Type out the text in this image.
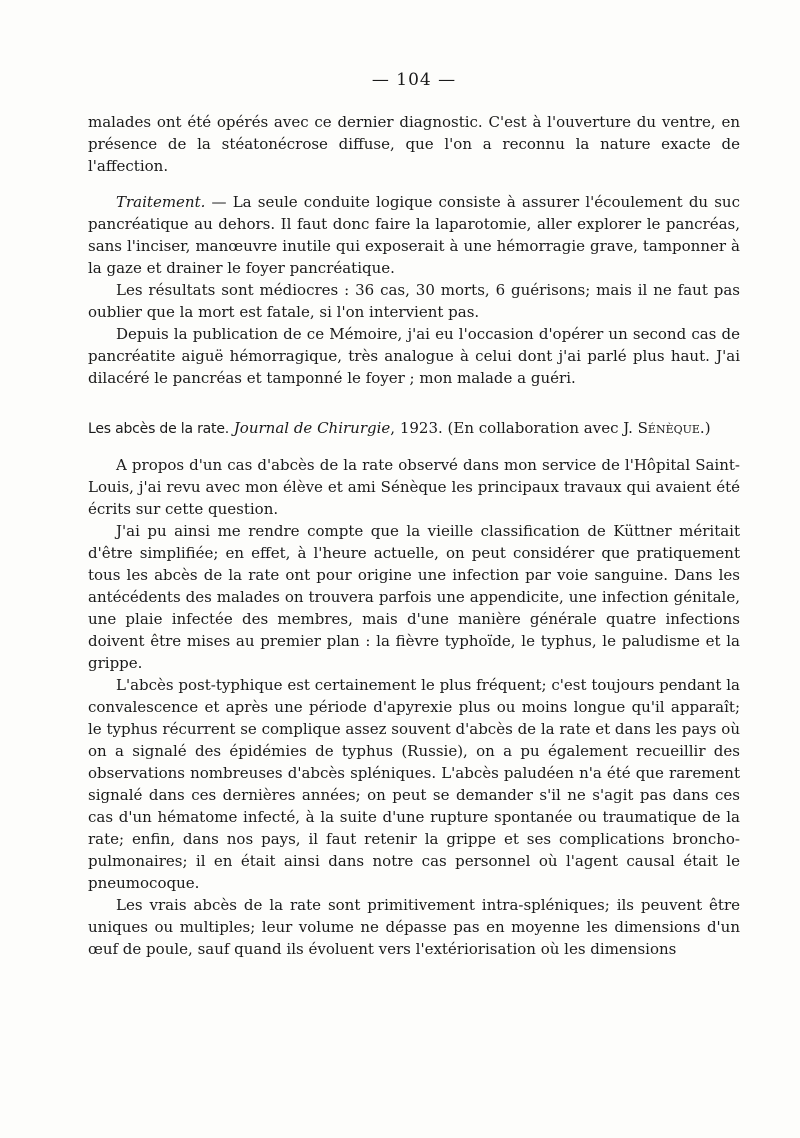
— 104 —

malades ont été opérés avec ce dernier diagnostic. C'est à l'ouverture du ventre, en présence de la stéatonécrose diffuse, que l'on a reconnu la nature exacte de l'affection.

Traitement. — La seule conduite logique consiste à assurer l'écoulement du suc pancréatique au dehors. Il faut donc faire la laparotomie, aller explorer le pancréas, sans l'inciser, manœuvre inutile qui exposerait à une hémorragie grave, tamponner à la gaze et drainer le foyer pancréatique.

Les résultats sont médiocres : 36 cas, 30 morts, 6 guérisons; mais il ne faut pas oublier que la mort est fatale, si l'on intervient pas.

Depuis la publication de ce Mémoire, j'ai eu l'occasion d'opérer un second cas de pancréatite aiguë hémorragique, très analogue à celui dont j'ai parlé plus haut. J'ai dilacéré le pancréas et tamponné le foyer ; mon malade a guéri.

Les abcès de la rate. Journal de Chirurgie, 1923. (En collaboration avec J. Sénèque.)

A propos d'un cas d'abcès de la rate observé dans mon service de l'Hôpital Saint-Louis, j'ai revu avec mon élève et ami Sénèque les principaux travaux qui avaient été écrits sur cette question.

J'ai pu ainsi me rendre compte que la vieille classification de Küttner méritait d'être simplifiée; en effet, à l'heure actuelle, on peut considérer que pratiquement tous les abcès de la rate ont pour origine une infection par voie sanguine. Dans les antécédents des malades on trouvera parfois une appendicite, une infection génitale, une plaie infectée des membres, mais d'une manière générale quatre infections doivent être mises au premier plan : la fièvre typhoïde, le typhus, le paludisme et la grippe.

L'abcès post-typhique est certainement le plus fréquent; c'est toujours pendant la convalescence et après une période d'apyrexie plus ou moins longue qu'il apparaît; le typhus récurrent se complique assez souvent d'abcès de la rate et dans les pays où on a signalé des épidémies de typhus (Russie), on a pu également recueillir des observations nombreuses d'abcès spléniques. L'abcès paludéen n'a été que rarement signalé dans ces dernières années; on peut se demander s'il ne s'agit pas dans ces cas d'un hématome infecté, à la suite d'une rupture spontanée ou traumatique de la rate; enfin, dans nos pays, il faut retenir la grippe et ses complications broncho-pulmonaires; il en était ainsi dans notre cas personnel où l'agent causal était le pneumocoque.

Les vrais abcès de la rate sont primitivement intra-spléniques; ils peuvent être uniques ou multiples; leur volume ne dépasse pas en moyenne les dimensions d'un œuf de poule, sauf quand ils évoluent vers l'extériorisation où les dimensions
